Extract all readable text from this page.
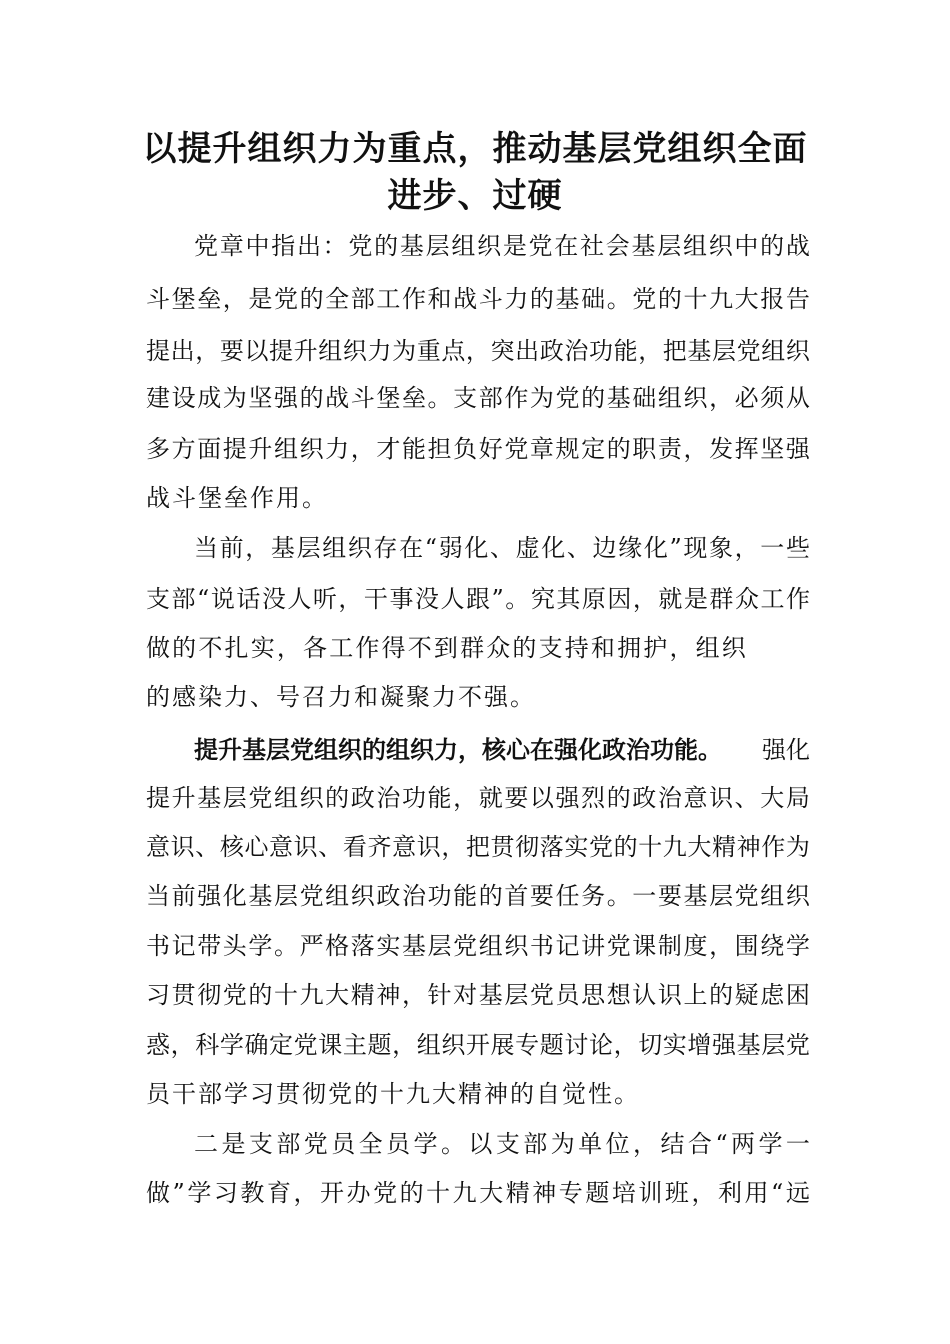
以提升组织力为重点，推动基层党组织全面
进步、过硬

党 章 中 指 出 ： 党 的 基 层 组 织 是 党 在 社 会 基 层 组 织 中 的 战

斗 堡 垒 ， 是 党 的 全 部 工 作 和 战 斗 力 的 基 础 。 党 的 十 九 大 报 告

提 出 ， 要 以 提 升 组 织 力 为 重 点 ， 突 出 政 治 功 能 ， 把 基 层 党 组 织

建 设 成 为 坚 强 的 战 斗 堡 垒 。 支 部 作 为 党 的 基 础 组 织 ， 必 须 从

多 方 面 提 升 组 织 力 ， 才 能 担 负 好 党 章 规 定 的 职 责 ， 发 挥 坚 强

战斗堡垒作用。

当 前 ， 基 层 组 织 存 在 “ 弱 化 、 虚 化 、 边 缘 化 ” 现 象 ， 一 些

支 部 “ 说 话 没 人 听 ， 干 事 没 人 跟 ” 。 究 其 原 因 ， 就 是 群 众 工 作

做 的 不 扎 实 ， 各 工 作 得 不 到 群 众 的 支 持 和 拥 护 ， 组 织

的感染力、号召力和凝聚力不强。

提升基层党组织的组织力，核心在强化政治功能。 强化

提 升 基 层 党 组 织 的 政 治 功 能 ， 就 要 以 强 烈 的 政 治 意 识 、 大 局

意 识 、 核 心 意 识 、 看 齐 意 识 ， 把 贯 彻 落 实 党 的 十 九 大 精 神 作 为

当 前 强 化 基 层 党 组 织 政 治 功 能 的 首 要 任 务 。 一 要 基 层 党 组 织

书 记 带 头 学 。 严 格 落 实 基 层 党 组 织 书 记 讲 党 课 制 度 ， 围 绕 学

习 贯 彻 党 的 十 九 大 精 神 ， 针 对 基 层 党 员 思 想 认 识 上 的 疑 虑 困

惑 ， 科 学 确 定 党 课 主 题 ， 组 织 开 展 专 题 讨 论 ， 切 实 增 强 基 层 党

员干部学习贯彻党的十九大精神的自觉性。

二 是 支 部 党 员 全 员 学 。 以 支 部 为 单 位 ， 结 合 “ 两 学 一

做 ” 学 习 教 育 ， 开 办 党 的 十 九 大 精 神 专 题 培 训 班 ， 利 用 “ 远
